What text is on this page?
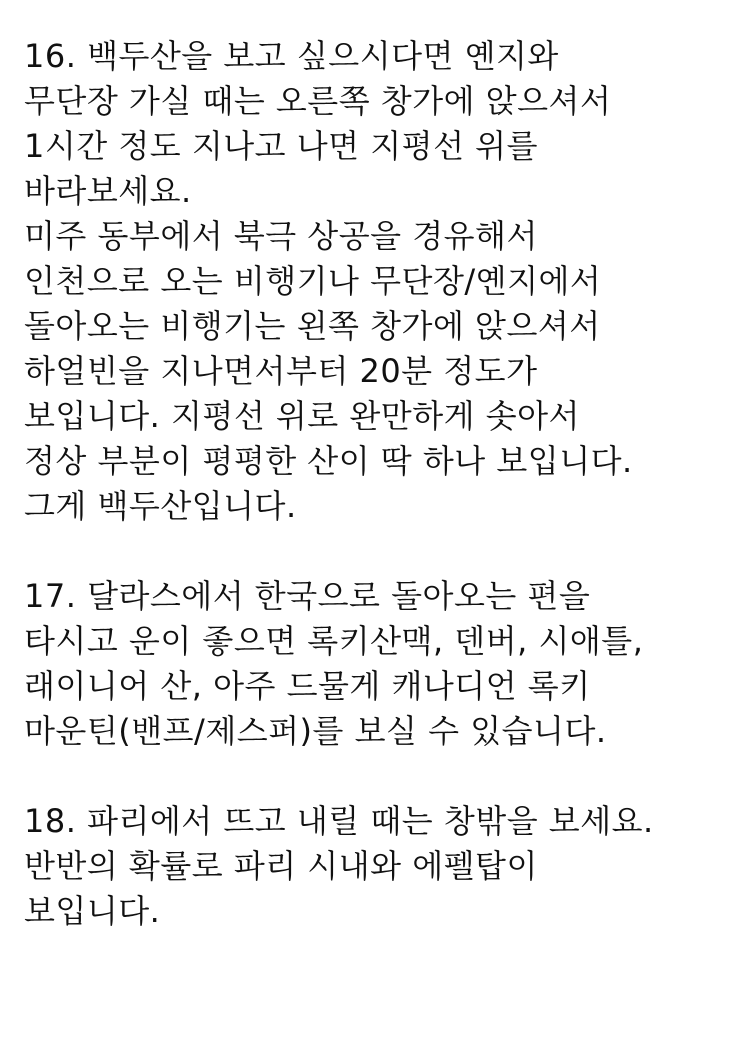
16. 백두산을 보고 싶으시다면 옌지와
무단장 가실 때는 오른쪽 창가에 앉으셔서
1시간 정도 지나고 나면 지평선 위를
바라보세요.
미주 동부에서 북극 상공을 경유해서
인천으로 오는 비행기나 무단장/옌지에서
돌아오는 비행기는 왼쪽 창가에 앉으셔서
하얼빈을 지나면서부터 20분 정도가
보입니다. 지평선 위로 완만하게 솟아서
정상 부분이 평평한 산이 딱 하나 보입니다.
그게 백두산입니다.

17. 달라스에서 한국으로 돌아오는 편을
타시고 운이 좋으면 록키산맥, 덴버, 시애틀,
래이니어 산, 아주 드물게 캐나디언 록키
마운틴(밴프/제스퍼)를 보실 수 있습니다.

18. 파리에서 뜨고 내릴 때는 창밖을 보세요.
반반의 확률로 파리 시내와 에펠탑이
보입니다.
